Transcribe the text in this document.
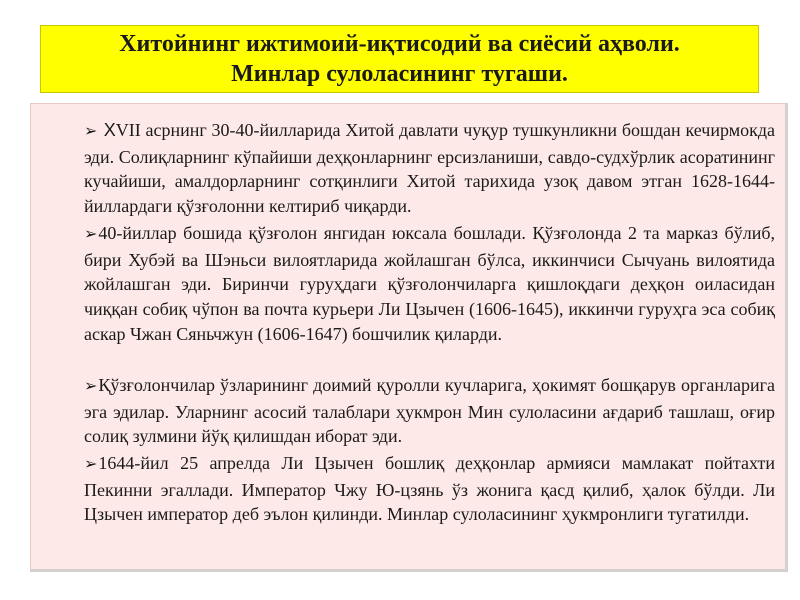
Хитойнинг ижтимоий-иқтисодий ва сиёсий аҳволи.
Минлар сулоласининг тугаши.
➢ XVII асрнинг 30-40-йилларида Хитой давлати чуқур тушкунликни бошдан кечирмокда эди. Солиқларнинг кўпайиши деҳқонларнинг ерсизланиши, савдо-судхўрлик асоратининг кучайиши, амалдорларнинг сотқинлиги Хитой тарихида узоқ давом этган 1628-1644-йиллардаги қўзғолонни келтириб чиқарди.
➢40-йиллар бошида қўзғолон янгидан юксала бошлади. Қўзғолонда 2 та марказ бўлиб, бири Хубэй ва Шэньси вилоятларида жойлашган бўлса, иккинчиси Сычуань вилоятида жойлашган эди. Биринчи гуруҳдаги қўзғолончиларга қишлоқдаги деҳқон оиласидан чиққан собиқ чўпон ва почта курьери Ли Цзычен (1606-1645), иккинчи гуруҳга эса собиқ аскар Чжан Сяньчжун (1606-1647) бошчилик қиларди.
➢Қўзғолончилар ўзларининг доимий қуролли кучларига, ҳокимят бошқарув органларига эга эдилар. Уларнинг асосий талаблари ҳукмрон Мин сулоласини ағдариб ташлаш, оғир солиқ зулмини йўқ қилишдан иборат эди.
➢1644-йил 25 апрелда Ли Цзычен бошлиқ деҳқонлар армияси мамлакат пойтахти Пекинни эгаллади. Император Чжу Ю-цзянь ўз жонига қасд қилиб, ҳалок бўлди. Ли Цзычен император деб эълон қилинди. Минлар сулоласининг ҳукмронлиги тугатилди.
